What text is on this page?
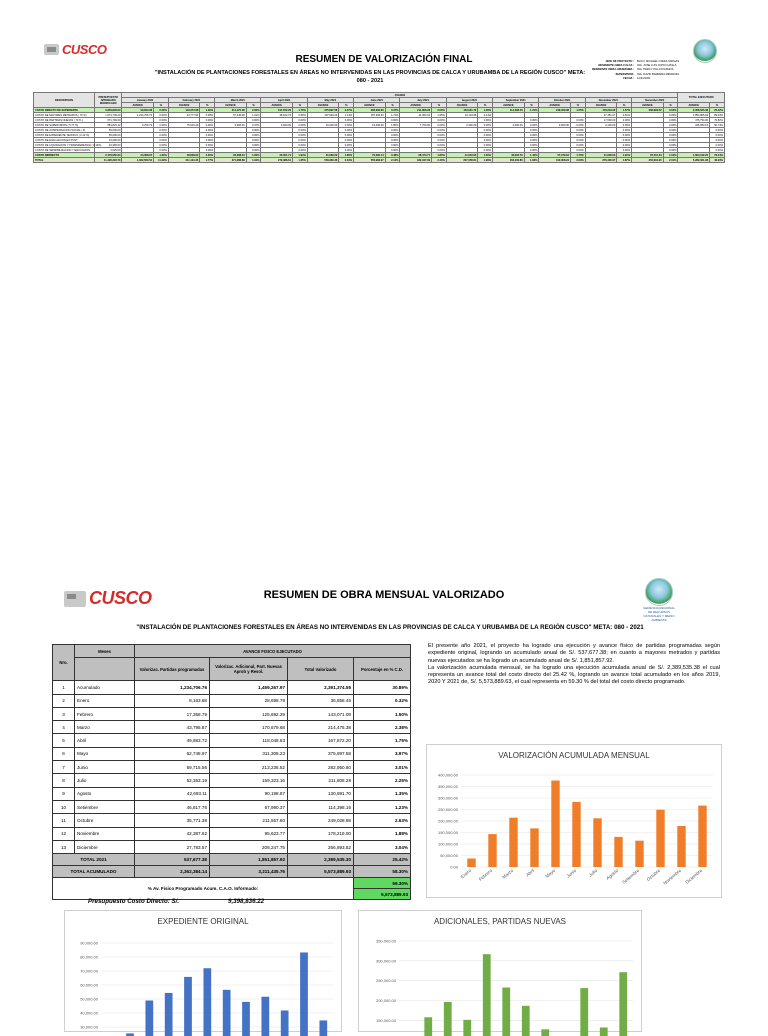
CUSCO
RESUMEN DE VALORIZACIÓN FINAL
"INSTALACIÓN DE PLANTACIONES FORESTALES EN ÁREAS NO INTERVENIDAS EN LAS PROVINCIAS DE CALCA Y URUBAMBA DE LA REGIÓN CUSCO" META: 080 - 2021
JEFE DE PROYECTO : BLGO. MICHAEL OJEDA VARGAS
RESIDENTE OBRA CALCA : ING. JOSE LUIS JUPIO CATALA
RESIDENTE OBRA URUBAMBA : ING. PERCY PILLCO RAMOS
SUPERVISOR: ING. DAVID BARRERA MENDOZA
FECHA : 12/31/2021
DESCRIPCION	PRESUPUESTO APROBADO MODIFICADO	AVANCE																								TOTAL EJECUTADO	
		January 2021		February 2021		March 2021		April 2021		May 2021		June 2021		July 2021		August 2021		September 2021		October 2021		November 2021		December 2021			
		AVANCE	%	AVANCE	%	AVANCE	%	AVANCE	%	AVANCE	%	AVANCE	%	AVANCE	%	AVANCE	%	AVANCE	%	AVANCE	%	AVANCE	%	AVANCE	%	AVANCE	%
COSTO DIRECTO DE EXPEDIENTE	3,659,803.00	99,844.08	0.00%	143,072.68	1.00%	214,475.38	2.00%	197,872.20	1.70%	375,897.58	3.07%	282,900.60	0.37%	211,808.28	2.00%	153,001.70	1.30%	114,398.16	1.21%	249,029.08	1.05%	178,219.00	1.57%	266,893.52	3.04%	2,358,535.38	25.42%
COSTO DE MAYORES METRADOS ( 70 %)	1,074,739.20	1,234,706.76	0.00%	43,777.54	0.38%	57,345.08	1.01%	48,912.70	0.59%	107,993.26	1.14%	187,992.63	1.74%	44,364.04	1.95%	10,123.86	0.14%					37,451.07	0.51%		0.00%	1,854,955.93	89.64%
COSTO DE PARTIDAS NUEVAS ( 70 % )	671,793.00		0.00%		0.00%		0.00%		0.00%		0.00%		0.00%		0.00%		0.00%		0.00%		0.00%	17,000.00	2.00%		0.00%	475,754.00	70.82%
COSTO DE SUPERVISION ( 5.77 %)	681,823.12	3,700.73	0.00%	75,501.40	0.00%	3,900.00	0.47%	3,600.00	2.00%	15,000.00	0.00%	15,000.00	1.80%	7,700.00	0.00%	2,900.00	0.00%	2,000.00	0.00%	3,900.00	0.00%	2,100.00	2.00%		0.00%	345,953.16	50.74%
COSTO DE COMPENSACION SOCIAL / FI	55,000.00		0.00%		0.00%		0.00%		0.00%		0.00%		0.00%		0.00%		0.00%		0.00%		0.00%		0.00%		0.00%		0.00%
COSTO DE EXPEDIENTE TECNICO ( 0.12 %)	65,000.00		0.00%		0.00%		0.00%		0.00%		0.00%		0.00%		0.00%		0.00%		0.00%		0.00%		0.00%		0.00%		0.00%
COSTO DE EVALUACION EX POST	15,000.00		0.00%		0.00%		0.00%		0.00%		0.00%		0.00%		0.00%		0.00%		0.00%		0.00%		0.00%		0.00%		0.00%
COSTO DE LIQUIDACION Y TRANSFERENCIA ( 0.12%)	16,365.00		0.00%		0.00%		0.00%		0.00%		0.00%		0.00%		0.00%		0.00%		0.00%		0.00%		0.00%		0.00%		0.00%
COSTO DE SENSIBILIZACION Y EDUCACION	2,625.00		0.00%		0.00%		0.00%		0.00%		0.00%		0.00%		0.00%		0.00%		0.00%		0.00%		0.00%		0.00%		0.00%
COSTO INDIRECTO	2,176,955.34	24,308.97	1.30%	48,839.64	2.00%	95,368.43	1.00%	22,001.71	1.94%	61,069.52	1.80%	70,090.14	0.48%	68,474.77	1.80%	41,033.05	1.00%	46,032.70	1.42%	57,079.16	1.70%	41,630.00	1.91%	87,011.43	1.01%	1,664,012.25	76.44%
TOTAL	11,426,323.79	1,362,560.54	11.29%	311,191.26	1.77%	371,088.89	1.91%	272,386.61	1.65%	559,960.36	2.04%	555,983.37	2.13%	332,347.09	2.43%	207,058.61	1.90%	162,430.86	1.83%	310,008.24	2.00%	276,400.07	1.87%	353,904.95	2.01%	5,282,321.96	46.23%
CUSCO	RESUMEN DE OBRA MENSUAL VALORIZADO
GERENCIA REGIONAL DE RECURSOS NATURALES Y MEDIO AMBIENTE
"INSTALACIÓN DE PLANTACIONES FORESTALES EN ÁREAS NO INTERVENIDAS EN LAS PROVINCIAS DE CALCA Y URUBAMBA DE LA REGIÓN CUSCO" META: 080 - 2021
Nro.	Meses	AVANCE FISICO EJECUTADO			
		Valorizac. Partidas programadas	Valorizac. Adicional, Part. Nuevas Aprob y Resol.	Total Valorizado	Porcentaje en % C.D.
1	Acumulado	1,234,706.76	1,459,267.97	2,391,374.55	30.89%
2	Enero	8,163.68	28,698.78	36,858.46	0.32%
3	Febrero	17,358.79	125,692.29	143,071.08	1.50%
4	Marzo	43,795.87	170,679.68	214,475.38	2.38%
5	Abril	49,883.72	118,048.63	167,872.20	1.75%
6	Mayo	62,748.97	311,308.23	375,897.58	3.97%
7	Junio	69,715.56	213,236.52	282,950.60	3.01%
8	Julio	52,353.19	159,323.16	211,808.28	2.25%
9	Agosto	42,693.11	90,198.87	130,891.70	1.35%
10	Setiembre	46,817.76	67,990.37	114,398.16	1.23%
11	Octubre	35,771.38	211,557.60	249,028.98	2.63%
12	Noviembre	42,387.62	95,623.77	178,219.00	1.88%
13	Diciembre	27,783.57	208,247.75	266,893.52	3.04%
TOTAL 2021		537,677.38	1,851,857.92	2,389,535.30	25.42%
TOTAL ACUMULADO		2,362,384.14	3,211,435.76	5,573,889.93	58.30%
% Av. Fisico Programado Acum. C.A.O. Informado:					59.30%
					5,573,889.93
Presupuesto Costo Directo: S/.	9,398,836.22
El presente año 2021, el proyecto ha logrado una ejecución y avance físico de partidas programadas según expediente original, logrando un acumulado anual de S/. 537,677.38; en cuanto a mayores metrados y partidas nuevas ejecutados se ha logrado un acumulado anual de S/. 1,851,857.92.
La valorización acumulada mensual, se ha logrado una ejecución acumulada anual de S/. 2,389,535.38 el cual representa un avance total del costo directo del 25.42 %, logrando un avance total acumulado en los años 2019, 2020 Y 2021 de, S/. 5,573,889.63, el cual representa en 59.30 % del total del costo directo programado.
VALORIZACIÓN ACUMULADA MENSUAL
0.00
50,000.00
100,000.00
150,000.00
200,000.00
250,000.00
300,000.00
350,000.00
400,000.00
Enero Febrero Marzo Abril Mayo Junio Julio Agosto Setiembre Octubre Noviembre Diciembre
EXPEDIENTE ORIGINAL
90,000.00
80,000.00
70,000.00
60,000.00
50,000.00
40,000.00
30,000.00
ADICIONALES, PARTIDAS NUEVAS
350,000.00
300,000.00
250,000.00
200,000.00
150,000.00
